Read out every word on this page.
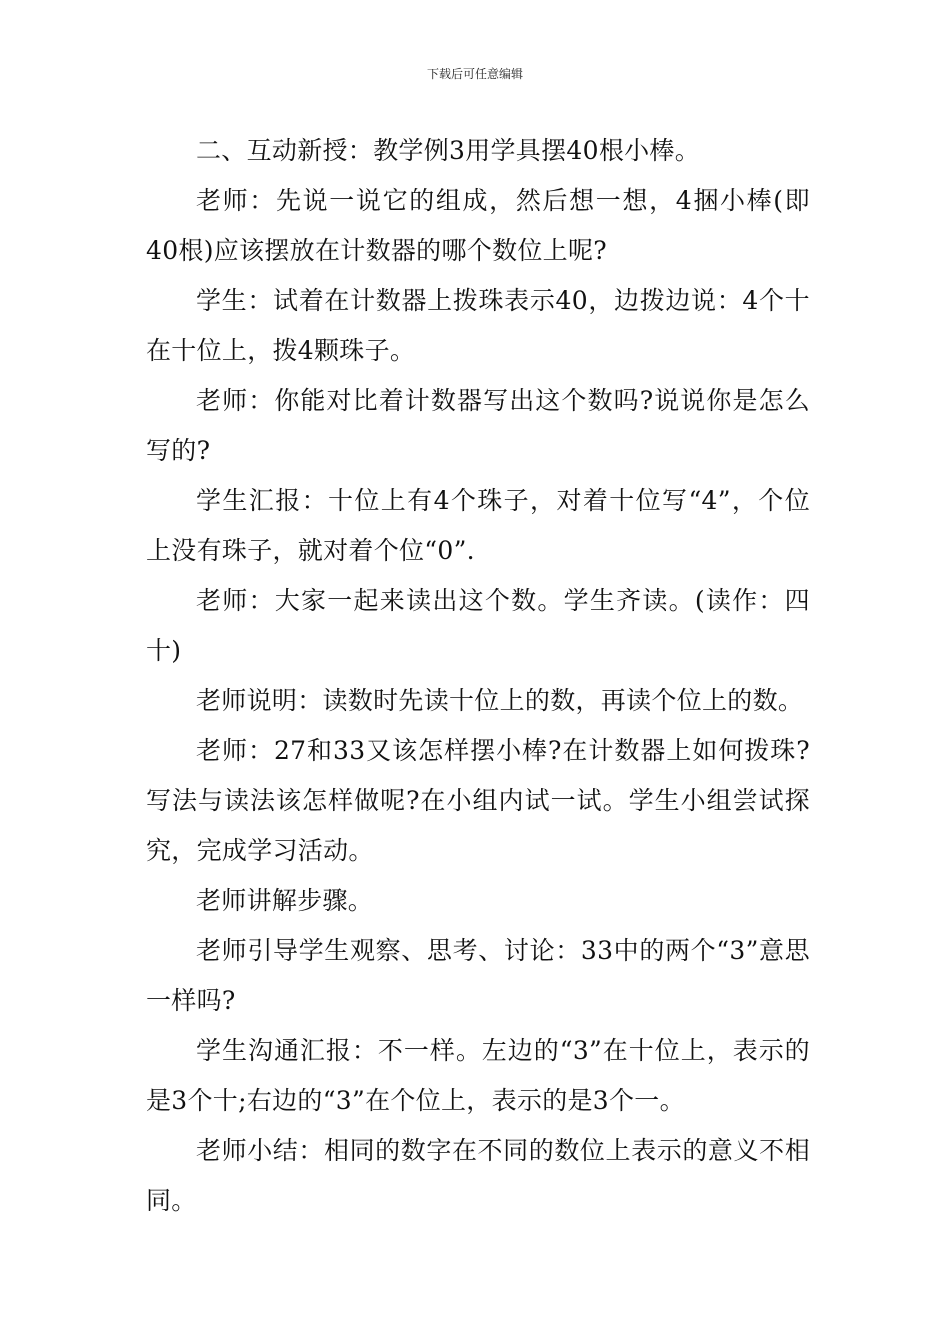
下载后可任意编辑

二、互动新授：教学例3用学具摆40根小棒。

老师：先说一说它的组成，然后想一想，4捆小棒(即40根)应该摆放在计数器的哪个数位上呢?

学生：试着在计数器上拨珠表示40，边拨边说：4个十在十位上，拨4颗珠子。

老师：你能对比着计数器写出这个数吗?说说你是怎么写的?

学生汇报：十位上有4个珠子，对着十位写“4”，个位上没有珠子，就对着个位“0”.

老师：大家一起来读出这个数。学生齐读。(读作：四十)

老师说明：读数时先读十位上的数，再读个位上的数。

老师：27和33又该怎样摆小棒?在计数器上如何拨珠?写法与读法该怎样做呢?在小组内试一试。学生小组尝试探究，完成学习活动。

老师讲解步骤。

老师引导学生观察、思考、讨论：33中的两个“3”意思一样吗?

学生沟通汇报：不一样。左边的“3”在十位上，表示的是3个十;右边的“3”在个位上，表示的是3个一。

老师小结：相同的数字在不同的数位上表示的意义不相同。
